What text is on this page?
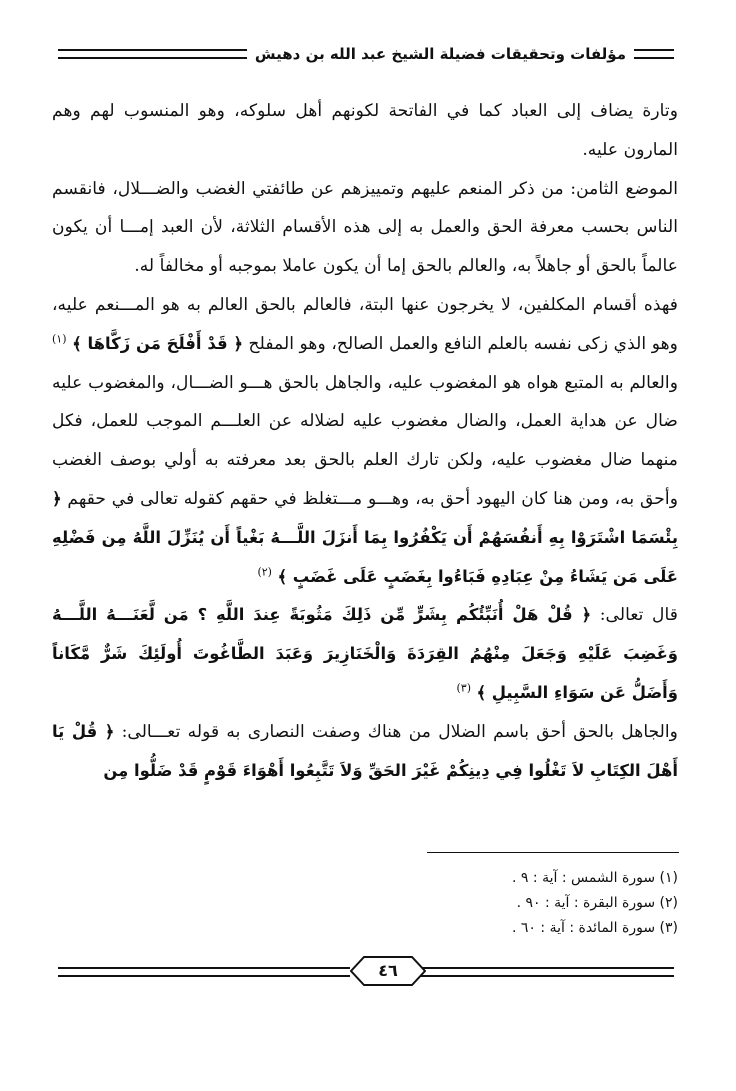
مؤلفات وتحقيقات فضيلة الشيخ عبد الله بن دهيش

وتارة يضاف إلى العباد كما في الفاتحة لكونهم أهل سلوكه، وهو المنسوب لهم وهم المارون عليه.

الموضع الثامن: من ذكر المنعم عليهم وتمييزهم عن طائفتي الغضب والضـــلال، فانقسم الناس بحسب معرفة الحق والعمل به إلى هذه الأقسام الثلاثة، لأن العبد إمـــا أن يكون عالماً بالحق أو جاهلاً به، والعالم بالحق إما أن يكون عاملا بموجبه أو مخالفاً له.

فهذه أقسام المكلفين، لا يخرجون عنها البتة، فالعالم بالحق العالم به هو المـــنعم عليه، وهو الذي زكى نفسه بالعلم النافع والعمل الصالح، وهو المفلح ﴿ قَدْ أَفْلَحَ مَن زَكَّاهَا ﴾ $^{(١)}$ والعالم به المتبع هواه هو المغضوب عليه، والجاهل بالحق هـــو الضـــال، والمغضوب عليه ضال عن هداية العمل، والضال مغضوب عليه لضلاله عن العلـــم الموجب للعمل، فكل منهما ضال مغضوب عليه، ولكن تارك العلم بالحق بعد معرفته به أولي بوصف الغضب وأحق به، ومن هنا كان اليهود أحق به، وهـــو مـــتغلظ في حقهم كقوله تعالى في حقهم ﴿ بِئْسَمَا اشْتَرَوْا بِهِ أَنفُسَهُمْ أَن يَكْفُرُوا بِمَا أَنزَلَ اللَّـــهُ بَغْياً أَن يُنَزِّلَ اللَّهُ مِن فَضْلِهِ عَلَى مَن يَشَاءُ مِنْ عِبَادِهِ فَبَاءُوا بِغَضَبٍ عَلَى غَضَبٍ ﴾ $^{(٢)}$

قال تعالى: ﴿ قُلْ هَلْ أُنَبِّئُكُم بِشَرٍّ مِّن ذَلِكَ مَثُوبَةً عِندَ اللَّهِ ؟ مَن لَّعَنَـــهُ اللَّـــهُ وَغَضِبَ عَلَيْهِ وَجَعَلَ مِنْهُمُ القِرَدَةَ وَالْخَنَازِيرَ وَعَبَدَ الطَّاغُوتَ أُولَئِكَ شَرٌّ مَّكَاناً وَأَضَلُّ عَن سَوَاءِ السَّبِيلِ ﴾ $^{(٣)}$

والجاهل بالحق أحق باسم الضلال من هناك وصفت النصارى به قوله تعـــالى: ﴿ قُلْ يَا أَهْلَ الكِتَابِ لاَ تَغْلُوا فِي دِينِكُمْ غَيْرَ الحَقِّ وَلاَ تَتَّبِعُوا أَهْوَاءَ قَوْمٍ قَدْ ضَلُّوا مِن

(١) سورة الشمس : آية : ٩ .
(٢) سورة البقرة : آية : ٩٠ .
(٣) سورة المائدة : آية : ٦٠ .
٤٦
